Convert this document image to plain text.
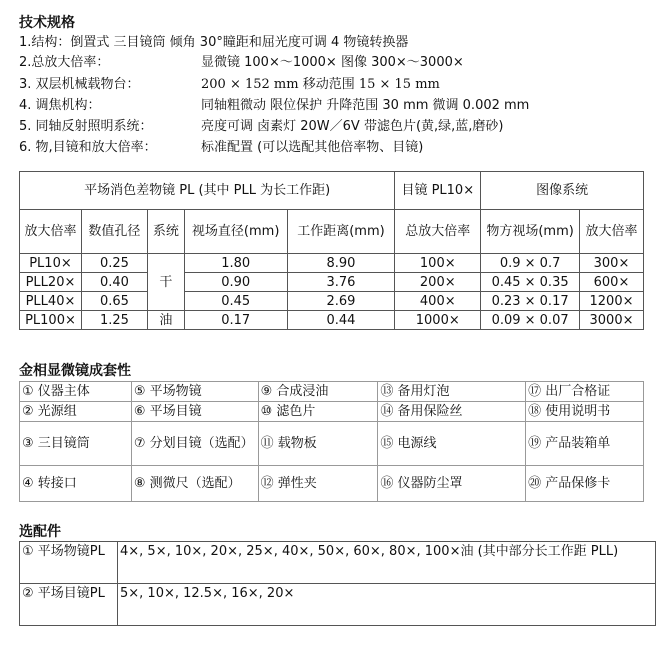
技术规格
1.结构：倒置式 三目镜筒 倾角 30°瞳距和屈光度可调 4 物镜转换器
2.总放大倍率：	显微镜 100×～1000× 图像 300×～3000×
3. 双层机械载物台：	200 × 152 mm 移动范围 15 × 15 mm
4. 调焦机构：	同轴粗微动 限位保护 升降范围 30 mm 微调 0.002 mm
5. 同轴反射照明系统：	亮度可调 卤素灯 20W／6V 带滤色片(黄,绿,蓝,磨砂)
6. 物,目镜和放大倍率：	标准配置 (可以选配其他倍率物、目镜)
平场消色差物镜 PL (其中 PLL 为长工作距)					目镜 PL10×	图像系统	
放大倍率	数值孔径	系统	视场直径(mm)	工作距离(mm)	总放大倍率	物方视场(mm)	放大倍率
PL10×	0.25	干	1.80	8.90	100×	0.9 × 0.7	300×
PLL20×	0.40		0.90	3.76	200×	0.45 × 0.35	600×
PLL40×	0.65		0.45	2.69	400×	0.23 × 0.17	1200×
PL100×	1.25	油	0.17	0.44	1000×	0.09 × 0.07	3000×
金相显微镜成套性
① 仪器主体	⑤ 平场物镜	⑨ 合成浸油	⑬ 备用灯泡	⑰ 出厂合格证
② 光源组	⑥ 平场目镜	⑩ 滤色片	⑭ 备用保险丝	⑱ 使用说明书
③ 三目镜筒	⑦ 分划目镜（选配）	⑪ 载物板	⑮ 电源线	⑲ 产品装箱单
④ 转接口	⑧ 测微尺（选配）	⑫ 弹性夹	⑯ 仪器防尘罩	⑳ 产品保修卡
选配件
① 平场物镜PL	4×, 5×, 10×, 20×, 25×, 40×, 50×, 60×, 80×, 100×油 (其中部分长工作距 PLL)
② 平场目镜PL	5×, 10×, 12.5×, 16×, 20×
